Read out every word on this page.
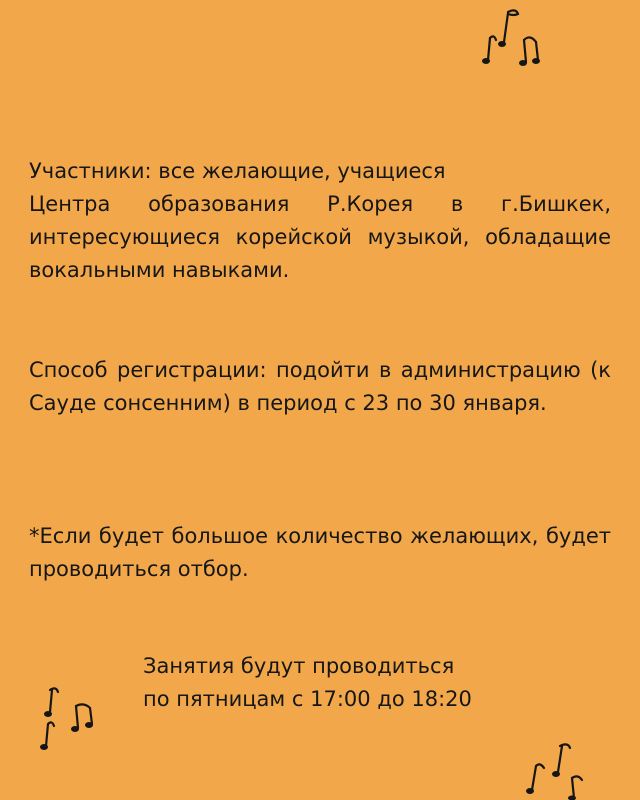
Участники: все желающие, учащиеся
Центра образования Р.Корея в г.Бишкек, интересующиеся корейской музыкой, обладащие вокальными навыками.

Способ регистрации: подойти в администрацию (к Сауде сонсенним) в период с 23 по 30 января.

*Если будет большое количество желающих, будет проводиться отбор.

Занятия будут проводиться
по пятницам с 17:00 до 18:20
